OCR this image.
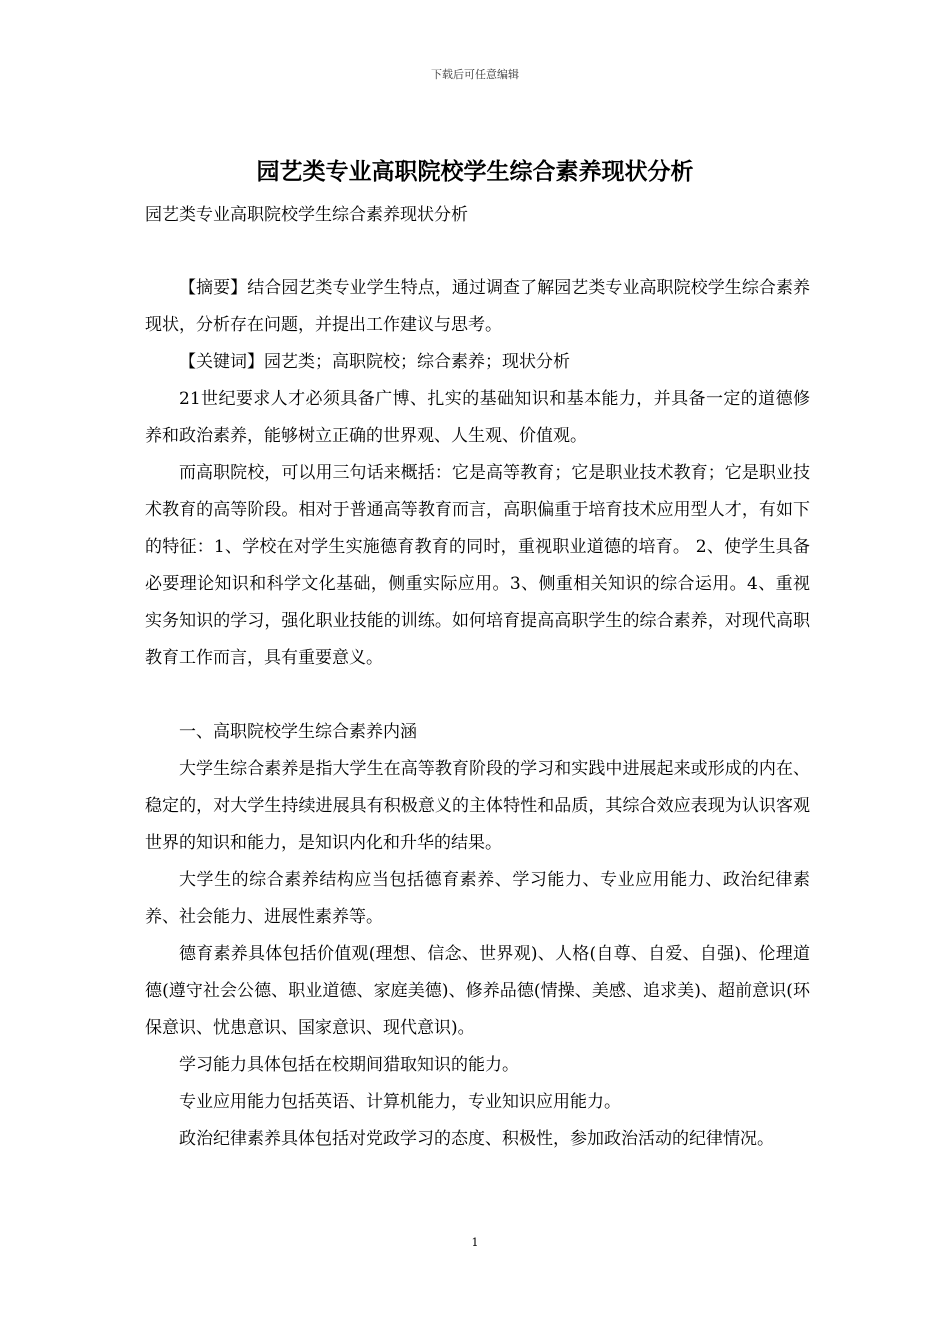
下载后可任意编辑
园艺类专业高职院校学生综合素养现状分析
园艺类专业高职院校学生综合素养现状分析

【摘要】结合园艺类专业学生特点，通过调查了解园艺类专业高职院校学生综合素养现状，分析存在问题，并提出工作建议与思考。

【关键词】园艺类；高职院校；综合素养；现状分析

21世纪要求人才必须具备广博、扎实的基础知识和基本能力，并具备一定的道德修养和政治素养，能够树立正确的世界观、人生观、价值观。

而高职院校，可以用三句话来概括：它是高等教育；它是职业技术教育；它是职业技术教育的高等阶段。相对于普通高等教育而言，高职偏重于培育技术应用型人才，有如下的特征：1、学校在对学生实施德育教育的同时，重视职业道德的培育。 2、使学生具备必要理论知识和科学文化基础，侧重实际应用。3、侧重相关知识的综合运用。4、重视实务知识的学习，强化职业技能的训练。如何培育提高高职学生的综合素养，对现代高职教育工作而言，具有重要意义。

一、高职院校学生综合素养内涵

大学生综合素养是指大学生在高等教育阶段的学习和实践中进展起来或形成的内在、稳定的，对大学生持续进展具有积极意义的主体特性和品质，其综合效应表现为认识客观世界的知识和能力，是知识内化和升华的结果。

大学生的综合素养结构应当包括德育素养、学习能力、专业应用能力、政治纪律素养、社会能力、进展性素养等。

德育素养具体包括价值观(理想、信念、世界观)、人格(自尊、自爱、自强)、伦理道德(遵守社会公德、职业道德、家庭美德)、修养品德(情操、美感、追求美)、超前意识(环保意识、忧患意识、国家意识、现代意识)。

学习能力具体包括在校期间猎取知识的能力。

专业应用能力包括英语、计算机能力，专业知识应用能力。

政治纪律素养具体包括对党政学习的态度、积极性，参加政治活动的纪律情况。

1
